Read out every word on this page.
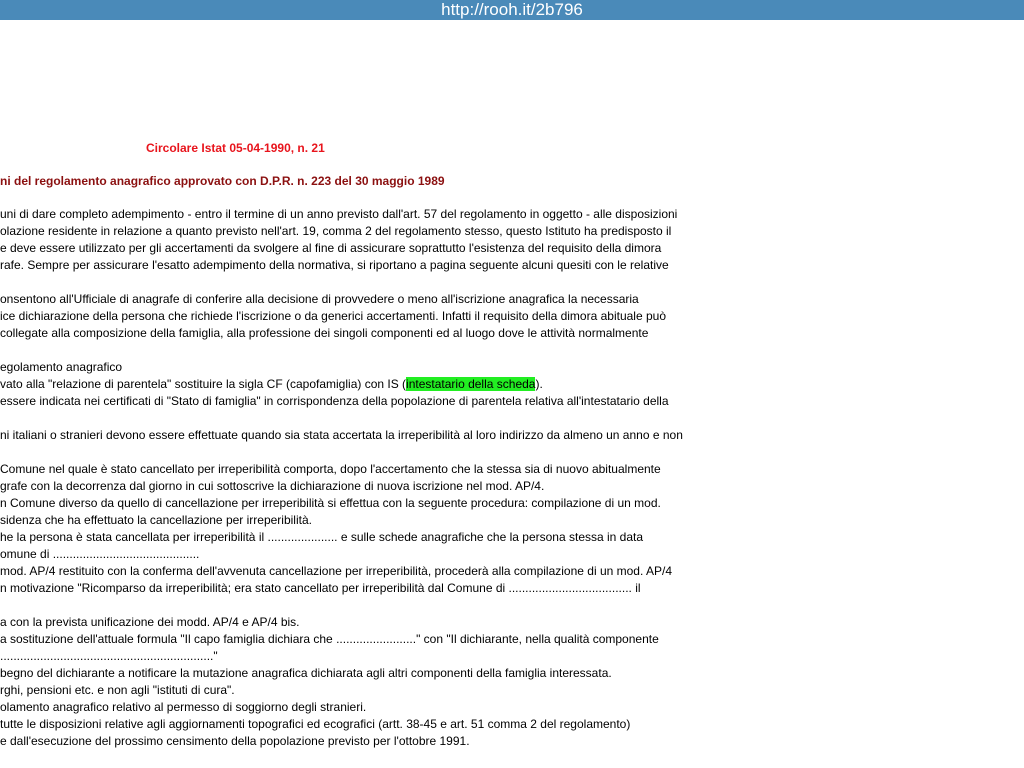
http://rooh.it/2b796
Circolare Istat 05-04-1990, n. 21
ni del regolamento anagrafico approvato con D.P.R. n. 223 del 30 maggio 1989
uni di dare completo adempimento - entro il termine di un anno previsto dall'art. 57 del regolamento in oggetto - alle disposizioni
olazione residente in relazione a quanto previsto nell'art. 19, comma 2 del regolamento stesso, questo Istituto ha predisposto il
e deve essere utilizzato per gli accertamenti da svolgere al fine di assicurare soprattutto l'esistenza del requisito della dimora
rafe. Sempre per assicurare l'esatto adempimento della normativa, si riportano a pagina seguente alcuni quesiti con le relative
onsentono all'Ufficiale di anagrafe di conferire alla decisione di provvedere o meno all'iscrizione anagrafica la necessaria
ice dichiarazione della persona che richiede l'iscrizione o da generici accertamenti. Infatti il requisito della dimora abituale può
collegate alla composizione della famiglia, alla professione dei singoli componenti ed al luogo dove le attività normalmente
egolamento anagrafico
vato alla "relazione di parentela" sostituire la sigla CF (capofamiglia) con IS (intestatario della scheda).
essere indicata nei certificati di "Stato di famiglia" in corrispondenza della popolazione di parentela relativa all'intestatario della
ni italiani o stranieri devono essere effettuate quando sia stata accertata la irreperibilità al loro indirizzo da almeno un anno e non
Comune nel quale è stato cancellato per irreperibilità comporta, dopo l'accertamento che la stessa sia di nuovo abitualmente
grafe con la decorrenza dal giorno in cui sottoscrive la dichiarazione di nuova iscrizione nel mod. AP/4.
n Comune diverso da quello di cancellazione per irreperibilità si effettua con la seguente procedura: compilazione di un mod.
sidenza che ha effettuato la cancellazione per irreperibilità.
he la persona è stata cancellata per irreperibilità il ..................... e sulle schede anagrafiche che la persona stessa in data
omune di ............................................
mod. AP/4 restituito con la conferma dell'avvenuta cancellazione per irreperibilità, procederà alla compilazione di un mod. AP/4
n motivazione "Ricomparso da irreperibilità; era stato cancellato per irreperibilità dal Comune di ..................................... il
a con la prevista unificazione dei modd. AP/4 e AP/4 bis.
a sostituzione dell'attuale formula "Il capo famiglia dichiara che ........................" con "Il dichiarante, nella qualità componente
................................................................"
begno del dichiarante a notificare la mutazione anagrafica dichiarata agli altri componenti della famiglia interessata.
rghi, pensioni etc. e non agli "istituti di cura".
olamento anagrafico relativo al permesso di soggiorno degli stranieri.
tutte le disposizioni relative agli aggiornamenti topografici ed ecografici (artt. 38-45 e art. 51 comma 2 del regolamento)
e dall'esecuzione del prossimo censimento della popolazione previsto per l'ottobre 1991.
